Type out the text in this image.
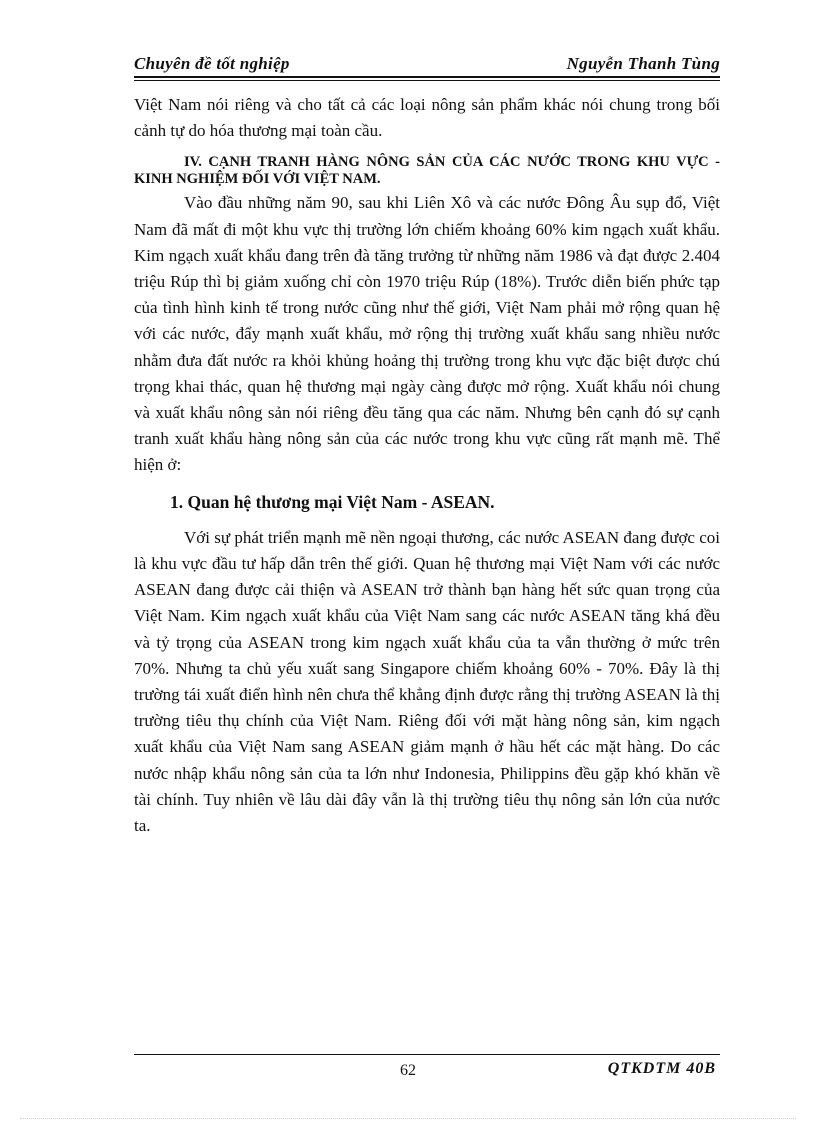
Chuyên đề tốt nghiệp	Nguyễn Thanh Tùng

Việt Nam nói riêng và cho tất cả các loại nông sản phẩm khác nói chung trong bối cảnh tự do hóa thương mại toàn cầu.

IV. CẠNH TRANH HÀNG NÔNG SẢN CỦA CÁC NƯỚC TRONG KHU VỰC - KINH NGHIỆM ĐỐI VỚI VIỆT NAM.

Vào đầu những năm 90, sau khi Liên Xô và các nước Đông Âu sụp đổ, Việt Nam đã mất đi một khu vực thị trường lớn chiếm khoảng 60% kim ngạch xuất khẩu. Kim ngạch xuất khẩu đang trên đà tăng trưởng từ những năm 1986 và đạt được 2.404 triệu Rúp thì bị giảm xuống chỉ còn 1970 triệu Rúp (18%). Trước diễn biến phức tạp của tình hình kinh tế trong nước cũng như thế giới, Việt Nam phải mở rộng quan hệ với các nước, đẩy mạnh xuất khẩu, mở rộng thị trường xuất khẩu sang nhiều nước nhằm đưa đất nước ra khỏi khủng hoảng thị trường trong khu vực đặc biệt được chú trọng khai thác, quan hệ thương mại ngày càng được mở rộng. Xuất khẩu nói chung và xuất khẩu nông sản nói riêng đều tăng qua các năm. Nhưng bên cạnh đó sự cạnh tranh xuất khẩu hàng nông sản của các nước trong khu vực cũng rất mạnh mẽ. Thể hiện ở:

1. Quan hệ thương mại Việt Nam - ASEAN.

Với sự phát triển mạnh mẽ nền ngoại thương, các nước ASEAN đang được coi là khu vực đầu tư hấp dẫn trên thế giới. Quan hệ thương mại Việt Nam với các nước ASEAN đang được cải thiện và ASEAN trở thành bạn hàng hết sức quan trọng của Việt Nam. Kim ngạch xuất khẩu của Việt Nam sang các nước ASEAN tăng khá đều và tỷ trọng của ASEAN trong kim ngạch xuất khẩu của ta vẫn thường ở mức trên 70%. Nhưng ta chủ yếu xuất sang Singapore chiếm khoảng 60% - 70%. Đây là thị trường tái xuất điển hình nên chưa thể khẳng định được rằng thị trường ASEAN là thị trường tiêu thụ chính của Việt Nam. Riêng đối với mặt hàng nông sản, kim ngạch xuất khẩu của Việt Nam sang ASEAN giảm mạnh ở hầu hết các mặt hàng. Do các nước nhập khẩu nông sản của ta lớn như Indonesia, Philippins đều gặp khó khăn về tài chính. Tuy nhiên về lâu dài đây vẫn là thị trường tiêu thụ nông sản lớn của nước ta.

62	QTKDTM 40B
